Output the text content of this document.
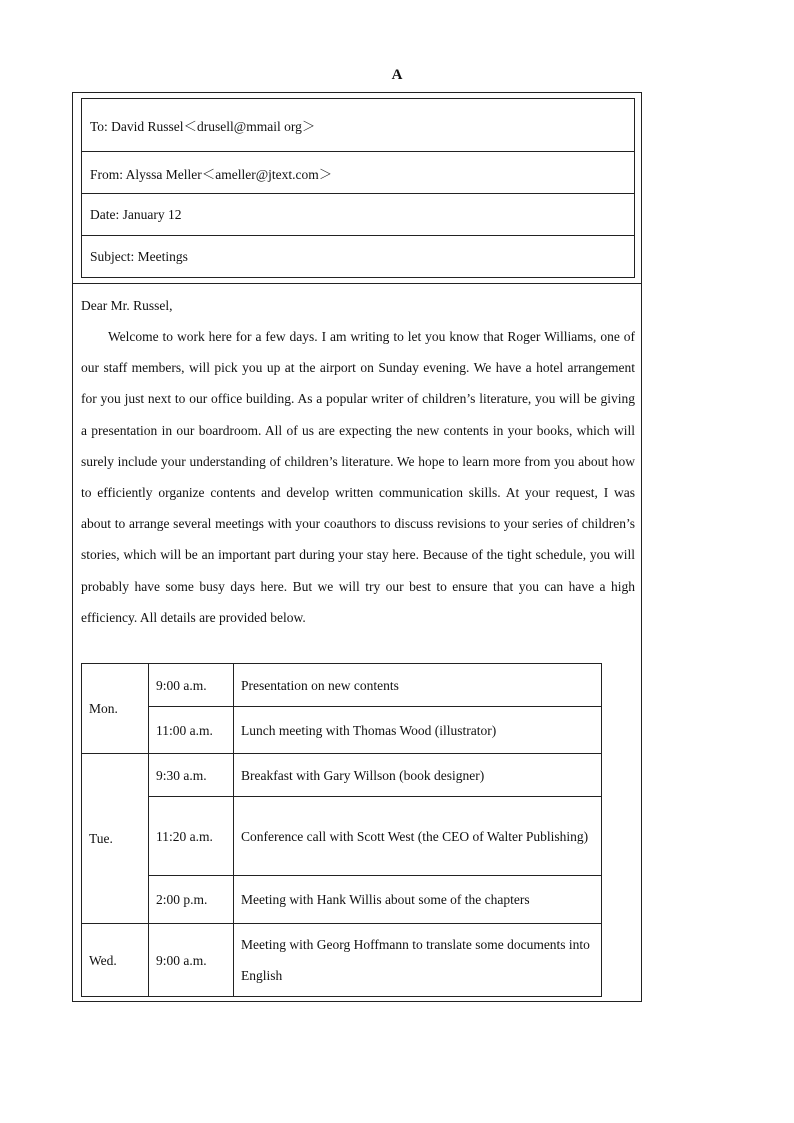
A
To: David Russel＜drusell@mmail org＞
From: Alyssa Meller＜ameller@jtext.com＞
Date: January 12
Subject: Meetings
Dear Mr. Russel,

Welcome to work here for a few days. I am writing to let you know that Roger Williams, one of our staff members, will pick you up at the airport on Sunday evening. We have a hotel arrangement for you just next to our office building. As a popular writer of children’s literature, you will be giving a presentation in our boardroom. All of us are expecting the new contents in your books, which will surely include your understanding of children’s literature. We hope to learn more from you about how to efficiently organize contents and develop written communication skills. At your request, I was about to arrange several meetings with your coauthors to discuss revisions to your series of children’s stories, which will be an important part during your stay here. Because of the tight schedule, you will probably have some busy days here. But we will try our best to ensure that you can have a high efficiency. All details are provided below.

Mon.	9:00 a.m.	Presentation on new contents
	11:00 a.m.	Lunch meeting with Thomas Wood (illustrator)
Tue.	9:30 a.m.	Breakfast with Gary Willson (book designer)
	11:20 a.m.	Conference call with Scott West (the CEO of Walter Publishing)
	2:00 p.m.	Meeting with Hank Willis about some of the chapters
Wed.	9:00 a.m.	Meeting with Georg Hoffmann to translate some documents into English
